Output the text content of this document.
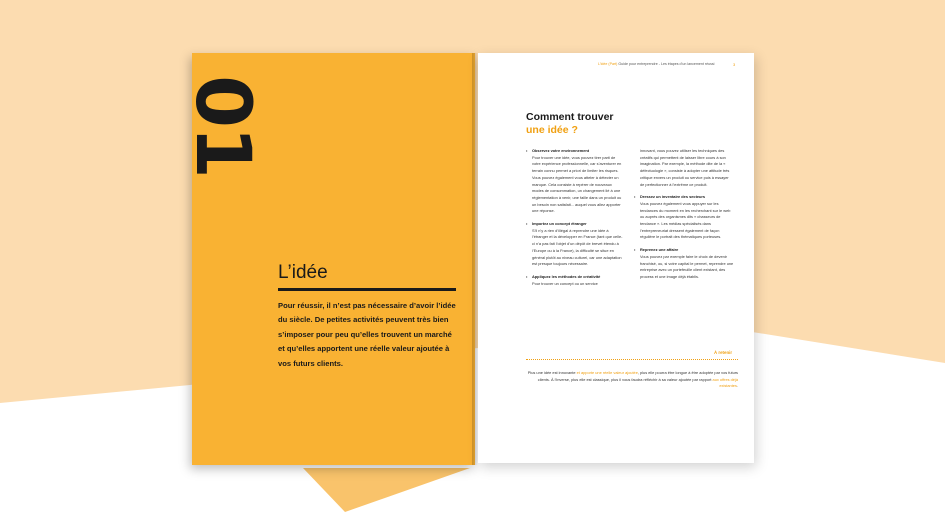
01
L’idée
Pour réussir, il n’est pas nécessaire d’avoir l’idée du siècle. De petites activités peuvent très bien s’imposer pour peu qu’elles trouvent un marché et qu’elles apportent une réelle valeur ajoutée à vos futurs clients.
L’idée (Part) Guide pour entreprendre - Les étapes d’un lancement réussi	3
Comment trouver
une idée ?
• Observez votre environnement
Pour trouver une idée, vous pouvez tirer parti de votre expérience professionnelle, car s’aventurer en terrain connu permet a priori de limiter les risques. Vous pouvez également vous atteler à détecter un manque. Cela consiste à repérer de nouveaux modes de consommation, un changement lié à une réglementation à venir, une faille dans un produit ou un besoin non satisfait... auquel vous allez apporter une réponse.
• Importez un concept étranger
S’il n’y a rien d’illégal à reprendre une idée à l’étranger et la développer en France (tant que celle-ci n’a pas fait l’objet d’un dépôt de brevet étendu à l’Europe ou à la France), la difficulté se situe en général plutôt au niveau culturel, car une adaptation est presque toujours nécessaire.
• Appliquez les méthodes de créativité
Pour trouver un concept ou un service
innovant, vous pouvez utiliser les techniques des créatifs qui permettent de laisser libre cours à son imagination. Par exemple, la méthode dite de la « défectuologie », consiste à adopter une attitude très critique envers un produit ou service puis à essayer de perfectionner à l’extrême ce produit.
• Dressez un inventaire des secteurs
Vous pouvez également vous appuyer sur les tendances du moment en les recherchant sur le web ou auprès des organismes dits « chasseurs de tendance ». Les médias spécialisés dans l’entrepreneuriat dressent également de façon régulière le portrait des thématiques porteuses.
• Reprenez une affaire
Vous pouvez par exemple faire le choix de devenir franchisé, ou, si votre capital le permet, reprendre une entreprise avec un portefeuille client existant, des process et une image déjà établis.
À retenir
Plus une idée est innovante et apporte une réelle valeur ajoutée, plus elle pourra être longue à être adoptée par vos futurs clients. À l’inverse, plus elle est classique, plus il vous faudra réfléchir à sa valeur ajoutée par rapport aux offres déjà existantes.
